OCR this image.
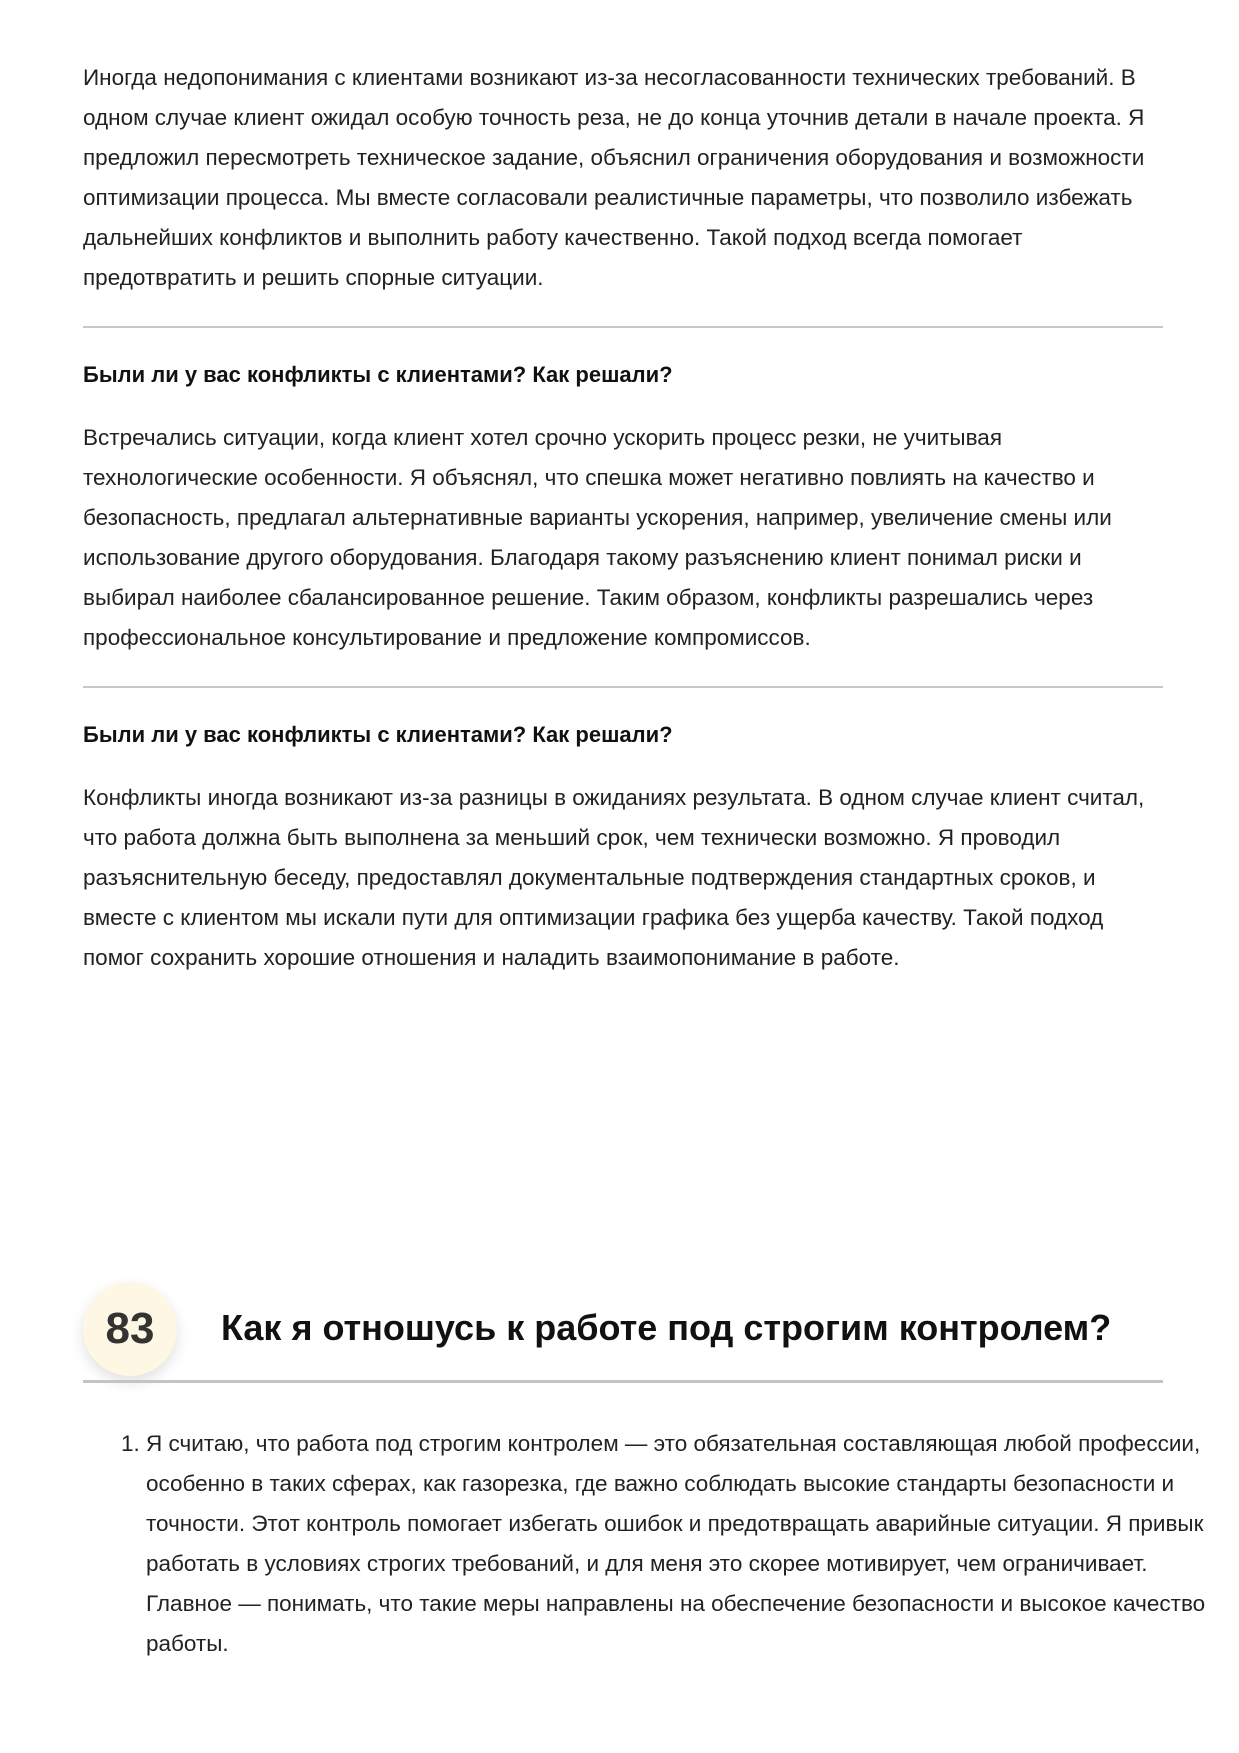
Иногда недопонимания с клиентами возникают из-за несогласованности технических требований. В одном случае клиент ожидал особую точность реза, не до конца уточнив детали в начале проекта. Я предложил пересмотреть техническое задание, объяснил ограничения оборудования и возможности оптимизации процесса. Мы вместе согласовали реалистичные параметры, что позволило избежать дальнейших конфликтов и выполнить работу качественно. Такой подход всегда помогает предотвратить и решить спорные ситуации.

Были ли у вас конфликты с клиентами? Как решали?

Встречались ситуации, когда клиент хотел срочно ускорить процесс резки, не учитывая технологические особенности. Я объяснял, что спешка может негативно повлиять на качество и безопасность, предлагал альтернативные варианты ускорения, например, увеличение смены или использование другого оборудования. Благодаря такому разъяснению клиент понимал риски и выбирал наиболее сбалансированное решение. Таким образом, конфликты разрешались через профессиональное консультирование и предложение компромиссов.

Были ли у вас конфликты с клиентами? Как решали?

Конфликты иногда возникают из-за разницы в ожиданиях результата. В одном случае клиент считал, что работа должна быть выполнена за меньший срок, чем технически возможно. Я проводил разъяснительную беседу, предоставлял документальные подтверждения стандартных сроков, и вместе с клиентом мы искали пути для оптимизации графика без ущерба качеству. Такой подход помог сохранить хорошие отношения и наладить взаимопонимание в работе.

83	Как я отношусь к работе под строгим контролем?
1. Я считаю, что работа под строгим контролем — это обязательная составляющая любой профессии, особенно в таких сферах, как газорезка, где важно соблюдать высокие стандарты безопасности и точности. Этот контроль помогает избегать ошибок и предотвращать аварийные ситуации. Я привык работать в условиях строгих требований, и для меня это скорее мотивирует, чем ограничивает. Главное — понимать, что такие меры направлены на обеспечение безопасности и высокое качество работы.
